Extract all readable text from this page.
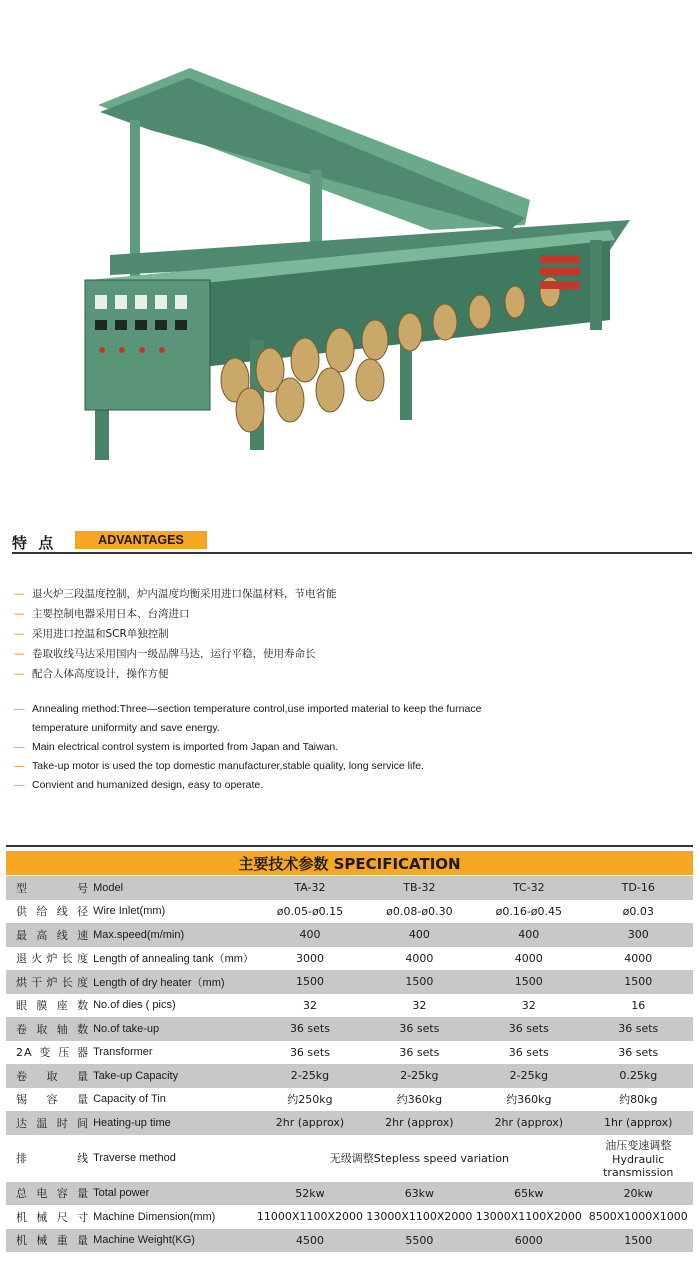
特 点	ADVANTAGES
— 退火炉三段温度控制，炉内温度均衡采用进口保温材料，节电省能
— 主要控制电器采用日本、台湾进口
— 采用进口控温和SCR单独控制
— 卷取收线马达采用国内一级品牌马达，运行平稳，使用寿命长
— 配合人体高度设计，操作方便
— Annealing method:Three—section temperature control,use imported material to keep the furnace temperature uniformity and save energy.
— Main electrical control system is imported from Japan and Taiwan.
— Take-up motor is used the top domestic manufacturer,stable quality, long service life.
— Convient and humanized design, easy to operate.
主要技术参数 SPECIFICATION
型号	Model	TA-32	TB-32	TC-32	TD-16
供给线径	Wire Inlet(mm)	ø0.05-ø0.15	ø0.08-ø0.30	ø0.16-ø0.45	ø0.03
最高线速	Max.speed(m/min)	400	400	400	300
退火炉长度	Length of annealing tank（mm）	3000	4000	4000	4000
烘干炉长度	Length of dry heater（mm)	1500	1500	1500	1500
眼膜座数	No.of dies ( pics)	32	32	32	16
卷取轴数	No.of take-up	36 sets	36 sets	36 sets	36 sets
2A变压器	Transformer	36 sets	36 sets	36 sets	36 sets
卷取量	Take-up Capacity	2-25kg	2-25kg	2-25kg	0.25kg
锡容量	Capacity of Tin	约250kg	约360kg	约360kg	约80kg
达温时间	Heating-up time	2hr (approx)	2hr (approx)	2hr (approx)	1hr (approx)
排线	Traverse method	无级调整Stepless speed variation			油压变速调整
Hydraulic transmission

总电容量	Total power	52kw	63kw	65kw	20kw
机械尺寸	Machine Dimension(mm)	11000X1100X2000	13000X1100X2000	13000X1100X2000	8500X1000X1000
机械重量	Machine Weight(KG)	4500	5500	6000	1500
